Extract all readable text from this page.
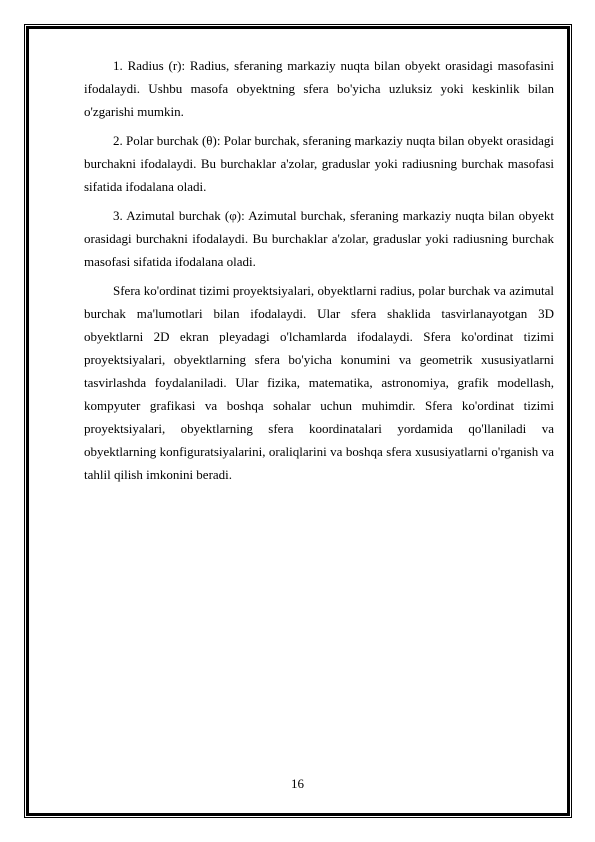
1. Radius (r): Radius, sferaning markaziy nuqta bilan obyekt orasidagi masofasini ifodalaydi. Ushbu masofa obyektning sfera bo'yicha uzluksiz yoki keskinlik bilan o'zgarishi mumkin.

2. Polar burchak (θ): Polar burchak, sferaning markaziy nuqta bilan obyekt orasidagi burchakni ifodalaydi. Bu burchaklar a'zolar, graduslar yoki radiusning burchak masofasi sifatida ifodalana oladi.

3. Azimutal burchak (φ): Azimutal burchak, sferaning markaziy nuqta bilan obyekt orasidagi burchakni ifodalaydi. Bu burchaklar a'zolar, graduslar yoki radiusning burchak masofasi sifatida ifodalana oladi.

Sfera ko'ordinat tizimi proyektsiyalari, obyektlarni radius, polar burchak va azimutal burchak ma'lumotlari bilan ifodalaydi. Ular sfera shaklida tasvirlanayotgan 3D obyektlarni 2D ekran pleyadagi o'lchamlarda ifodalaydi. Sfera ko'ordinat tizimi proyektsiyalari, obyektlarning sfera bo'yicha konumini va geometrik xususiyatlarni tasvirlashda foydalaniladi. Ular fizika, matematika, astronomiya, grafik modellash, kompyuter grafikasi va boshqa sohalar uchun muhimdir. Sfera ko'ordinat tizimi proyektsiyalari, obyektlarning sfera koordinatalari yordamida qo'llaniladi va obyektlarning konfiguratsiyalarini, oraliqlarini va boshqa sfera xususiyatlarni o'rganish va tahlil qilish imkonini beradi.

16
